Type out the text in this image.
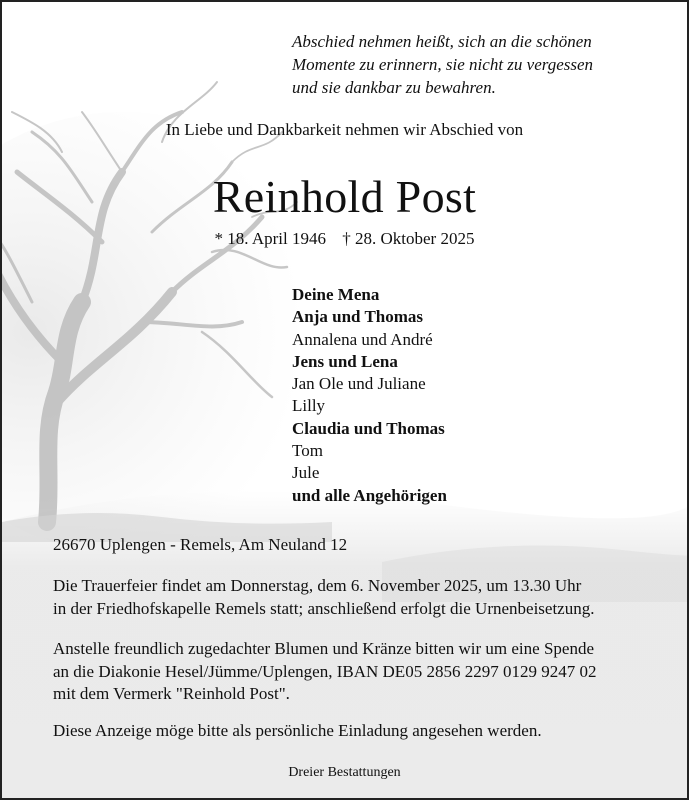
Abschied nehmen heißt, sich an die schönen
Momente zu erinnern, sie nicht zu vergessen
und sie dankbar zu bewahren.
In Liebe und Dankbarkeit nehmen wir Abschied von
Reinhold Post
* 18. April 1946 † 28. Oktober 2025
Deine Mena
Anja und Thomas
Annalena und André
Jens und Lena
Jan Ole und Juliane
Lilly
Claudia und Thomas
Tom
Jule
und alle Angehörigen
26670 Uplengen - Remels, Am Neuland 12
Die Trauerfeier findet am Donnerstag, dem 6. November 2025, um 13.30 Uhr
in der Friedhofskapelle Remels statt; anschließend erfolgt die Urnenbeisetzung.
Anstelle freundlich zugedachter Blumen und Kränze bitten wir um eine Spende
an die Diakonie Hesel/Jümme/Uplengen, IBAN DE05 2856 2297 0129 9247 02
mit dem Vermerk "Reinhold Post".
Diese Anzeige möge bitte als persönliche Einladung angesehen werden.
Dreier Bestattungen
